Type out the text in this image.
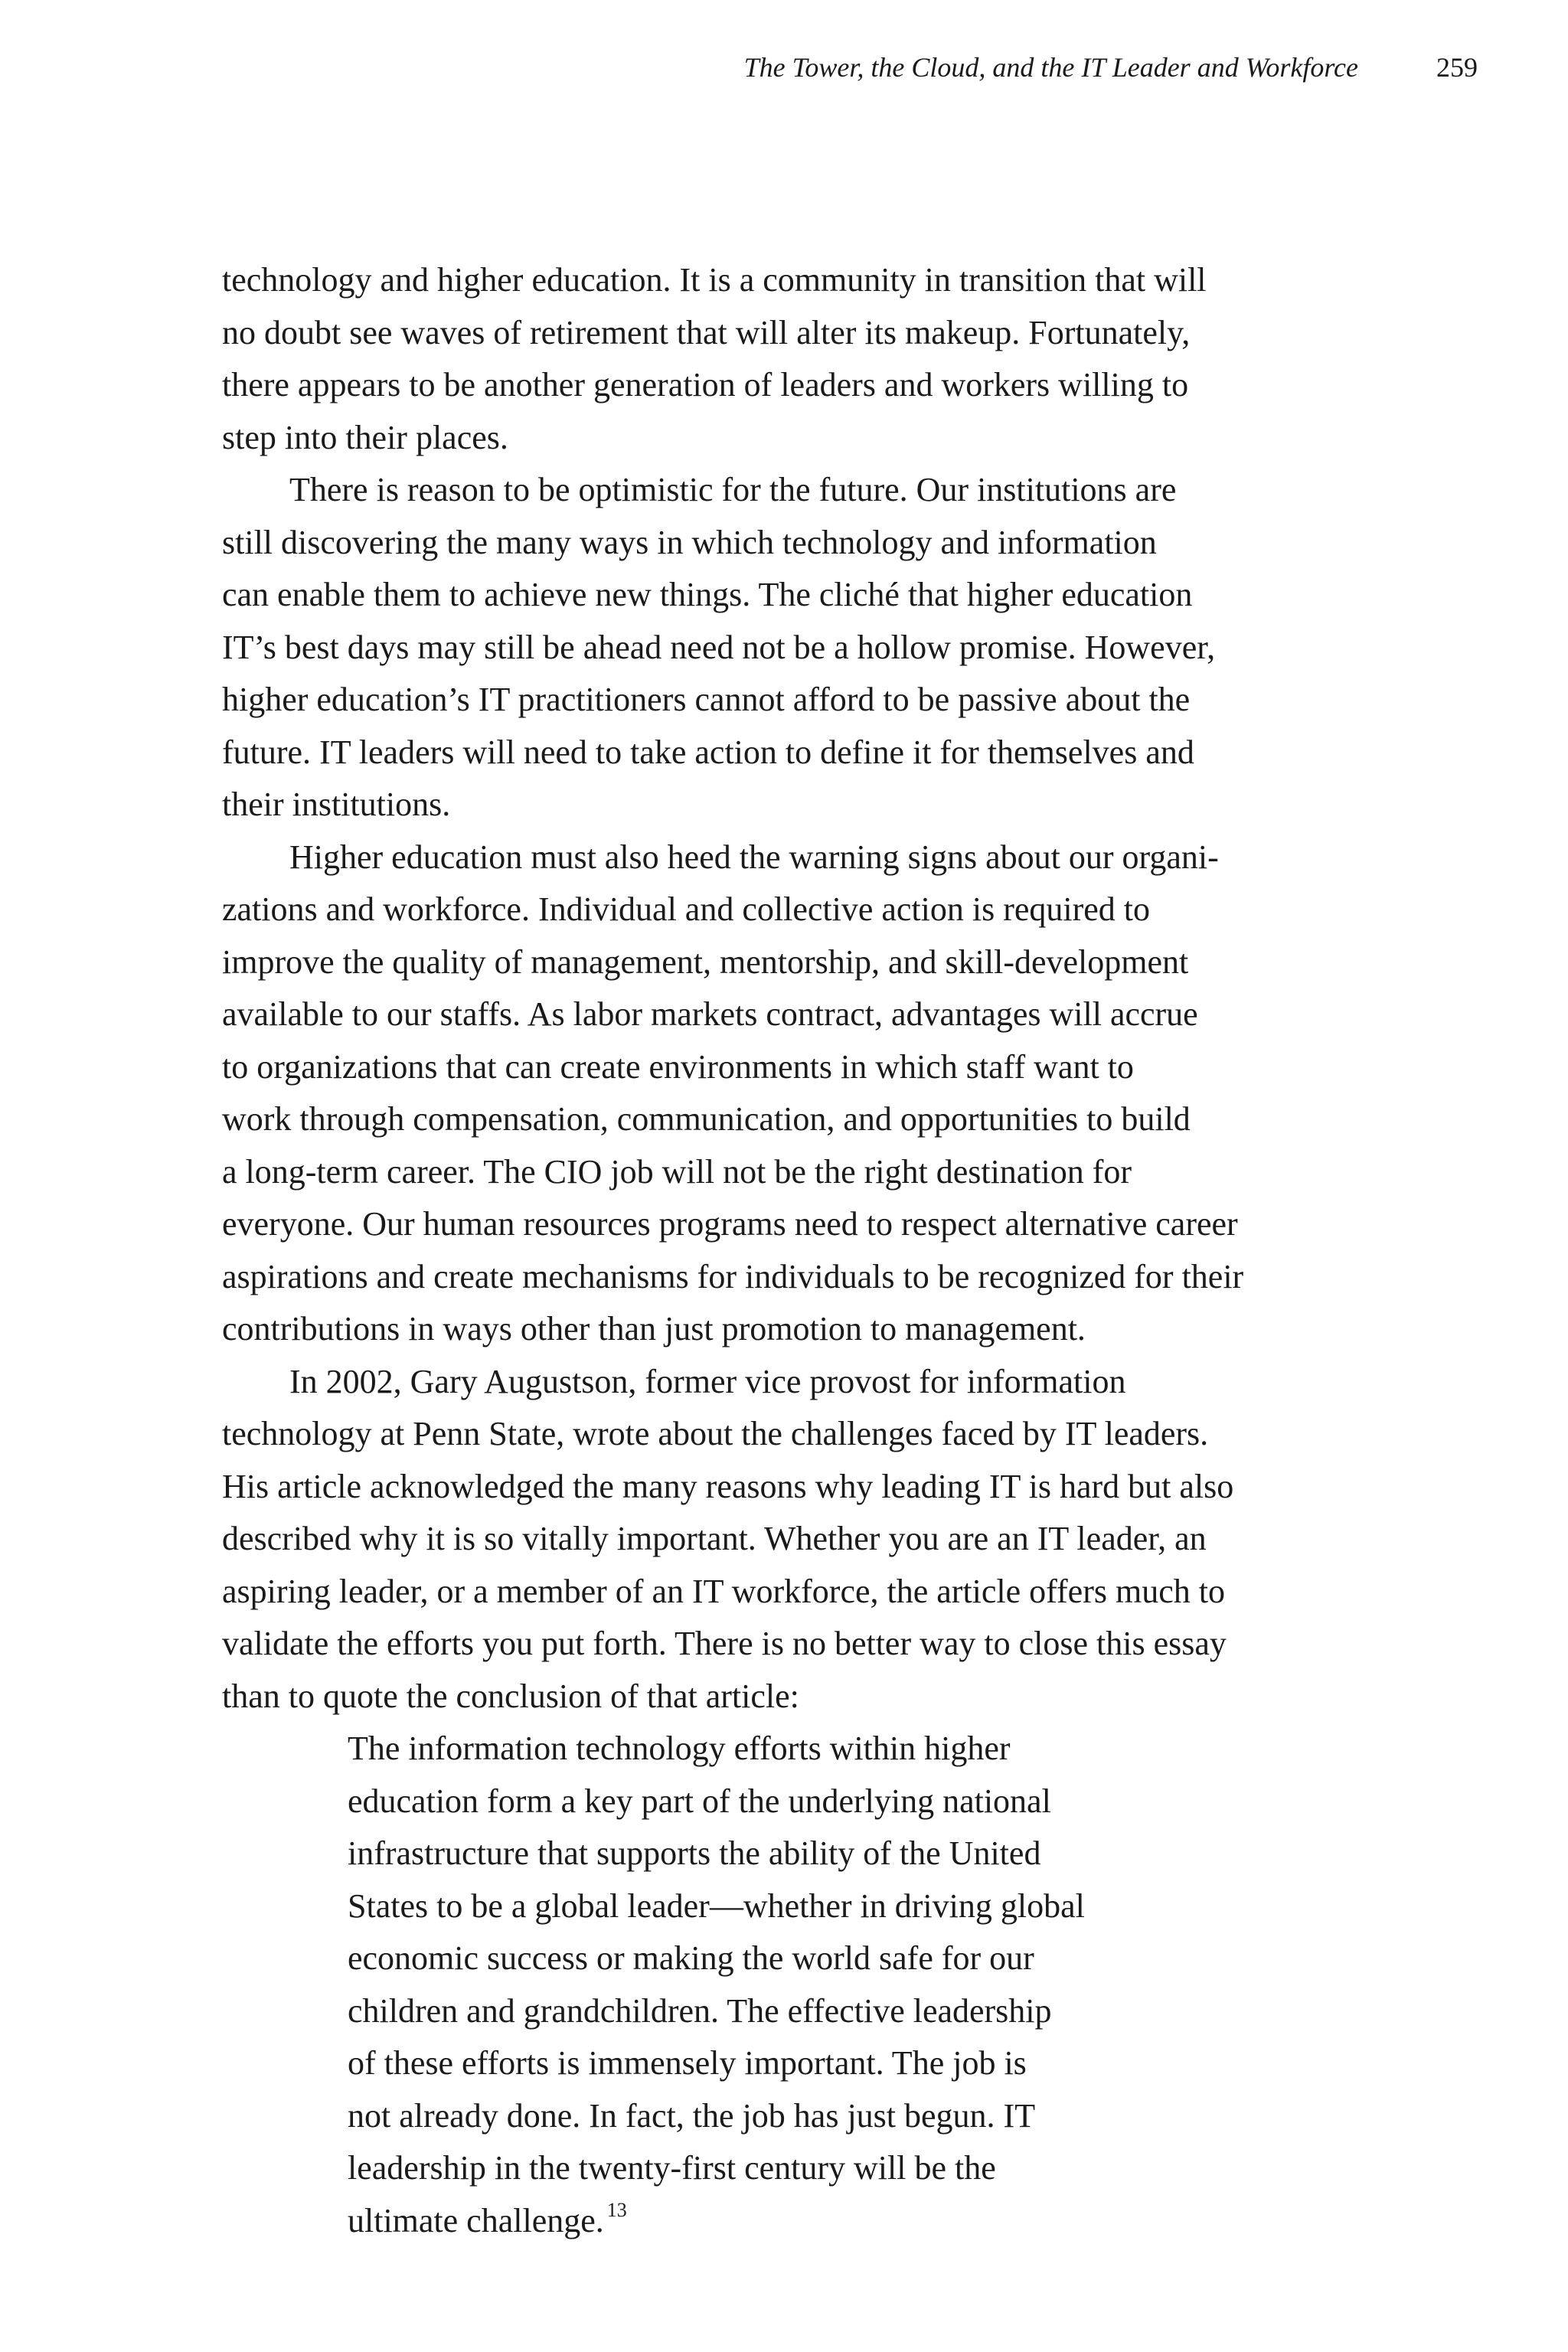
The Tower, the Cloud, and the IT Leader and Workforce	259

technology and higher education. It is a community in transition that will
no doubt see waves of retirement that will alter its makeup. Fortunately,
there appears to be another generation of leaders and workers willing to
step into their places.

There is reason to be optimistic for the future. Our institutions are
still discovering the many ways in which technology and information
can enable them to achieve new things. The cliché that higher education
IT’s best days may still be ahead need not be a hollow promise. However,
higher education’s IT practitioners cannot afford to be passive about the
future. IT leaders will need to take action to define it for themselves and
their institutions.

Higher education must also heed the warning signs about our organi-
zations and workforce. Individual and collective action is required to
improve the quality of management, mentorship, and skill-development
available to our staffs. As labor markets contract, advantages will accrue
to organizations that can create environments in which staff want to
work through compensation, communication, and opportunities to build
a long-term career. The CIO job will not be the right destination for
everyone. Our human resources programs need to respect alternative career
aspirations and create mechanisms for individuals to be recognized for their
contributions in ways other than just promotion to management.

In 2002, Gary Augustson, former vice provost for information
technology at Penn State, wrote about the challenges faced by IT leaders.
His article acknowledged the many reasons why leading IT is hard but also
described why it is so vitally important. Whether you are an IT leader, an
aspiring leader, or a member of an IT workforce, the article offers much to
validate the efforts you put forth. There is no better way to close this essay
than to quote the conclusion of that article:

The information technology efforts within higher
education form a key part of the underlying national
infrastructure that supports the ability of the United
States to be a global leader—whether in driving global
economic success or making the world safe for our
children and grandchildren. The effective leadership
of these efforts is immensely important. The job is
not already done. In fact, the job has just begun. IT
leadership in the twenty-first century will be the
ultimate challenge. $^{13}$
